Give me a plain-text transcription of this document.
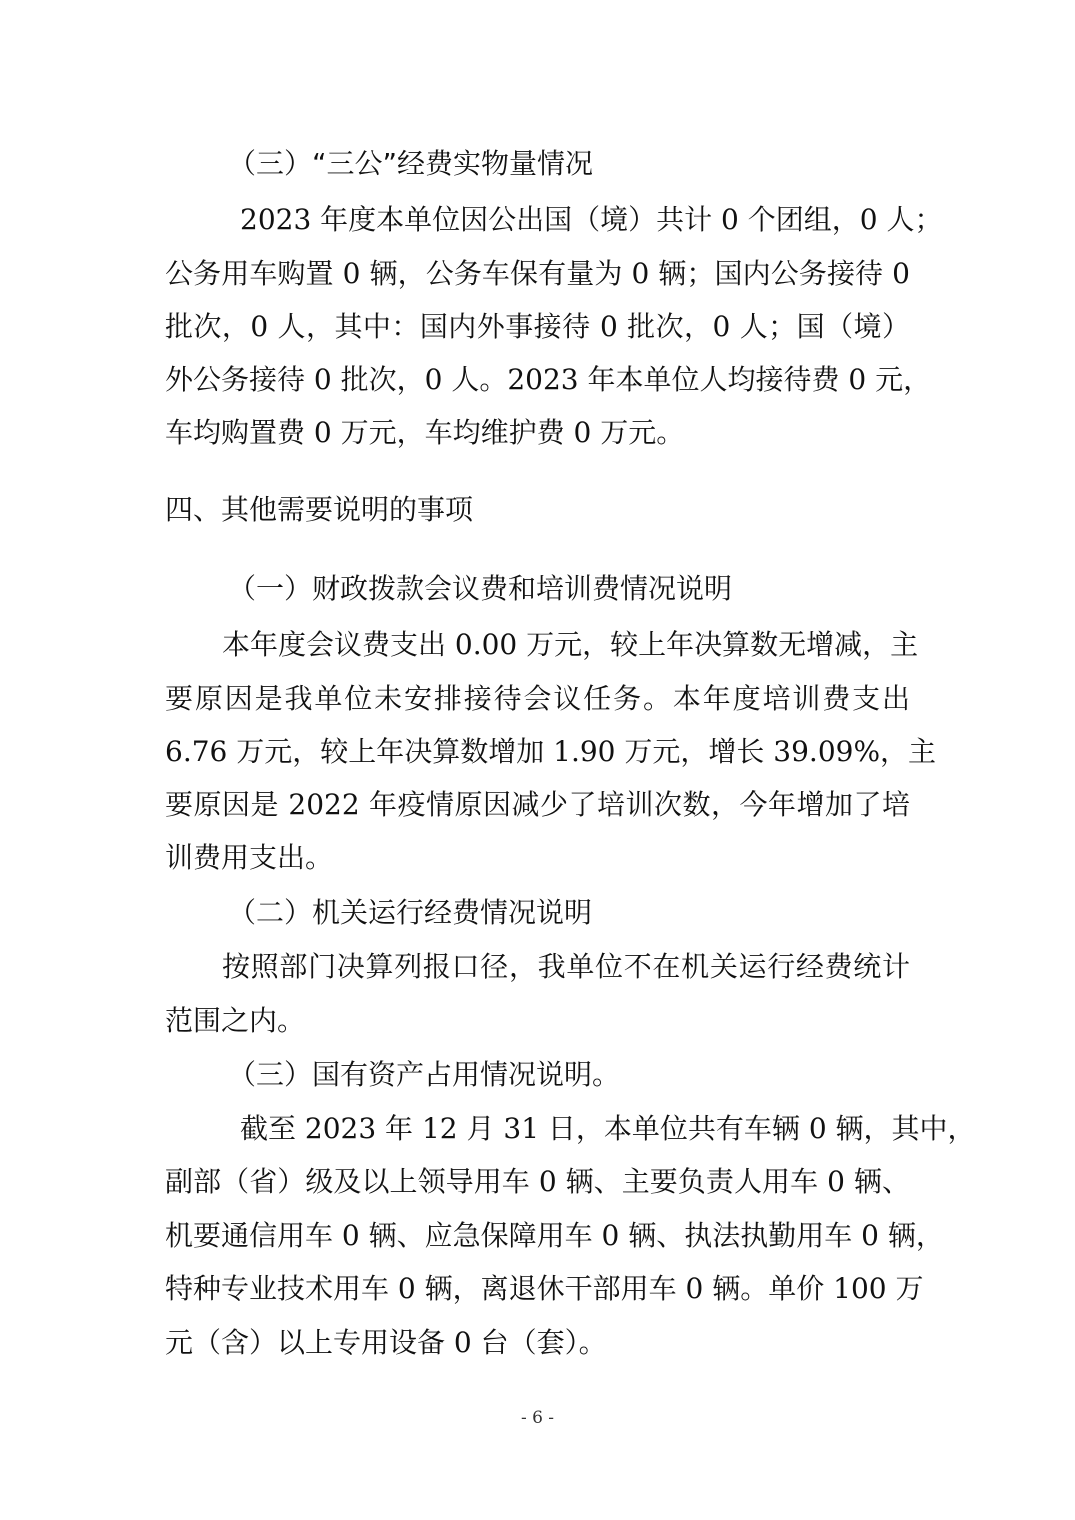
（三）“三公”经费实物量情况
2023 年度本单位因公出国（境）共计 0 个团组，0 人；
公务用车购置 0 辆，公务车保有量为 0 辆；国内公务接待 0
批次，0 人，其中：国内外事接待 0 批次，0 人；国（境）
外公务接待 0 批次，0 人。2023 年本单位人均接待费 0 元，
车均购置费 0 万元，车均维护费 0 万元。
四、其他需要说明的事项
（一）财政拨款会议费和培训费情况说明
本年度会议费支出 0.00 万元，较上年决算数无增减，主
要原因是我单位未安排接待会议任务。本年度培训费支出
6.76 万元，较上年决算数增加 1.90 万元，增长 39.09%，主
要原因是 2022 年疫情原因减少了培训次数，今年增加了培
训费用支出。
（二）机关运行经费情况说明
按照部门决算列报口径，我单位不在机关运行经费统计
范围之内。
（三）国有资产占用情况说明。
截至 2023 年 12 月 31 日，本单位共有车辆 0 辆，其中，
副部（省）级及以上领导用车 0 辆、主要负责人用车 0 辆、
机要通信用车 0 辆、应急保障用车 0 辆、执法执勤用车 0 辆，
特种专业技术用车 0 辆，离退休干部用车 0 辆。单价 100 万
元（含）以上专用设备 0 台（套）。
- 6 -
